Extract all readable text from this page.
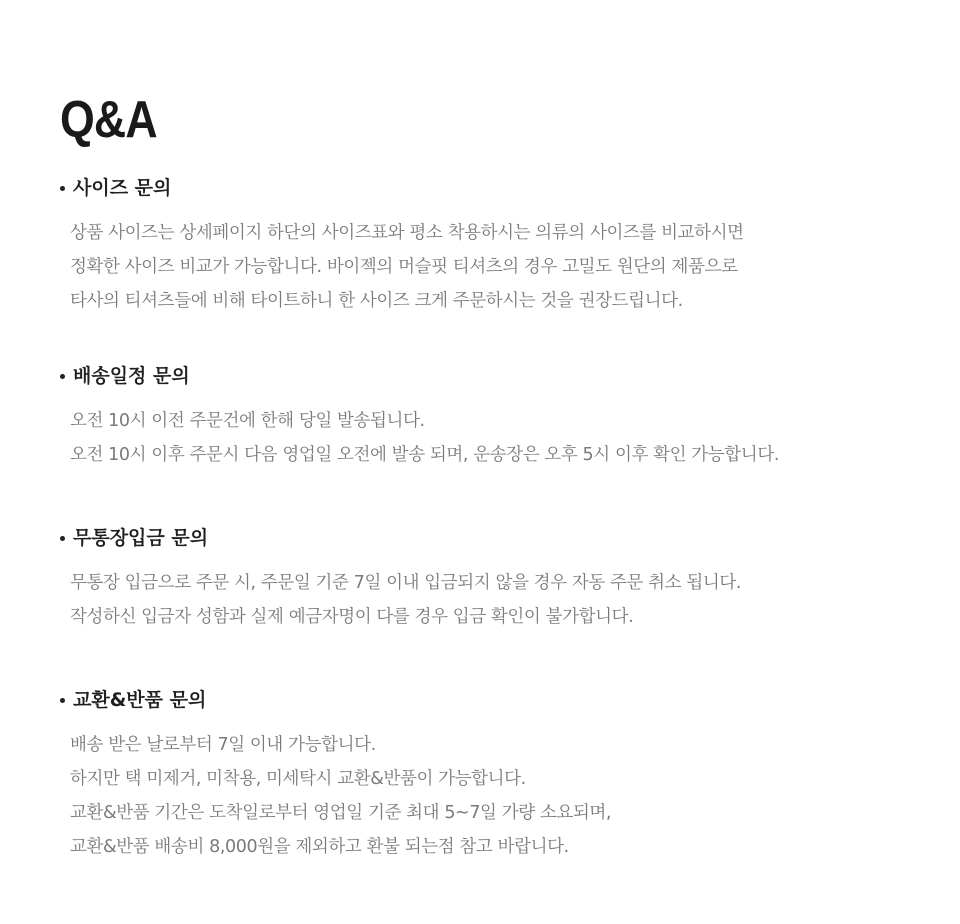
Q&A
사이즈 문의
상품 사이즈는 상세페이지 하단의 사이즈표와 평소 착용하시는 의류의 사이즈를 비교하시면
정확한 사이즈 비교가 가능합니다. 바이젝의 머슬핏 티셔츠의 경우 고밀도 원단의 제품으로
타사의 티셔츠들에 비해 타이트하니 한 사이즈 크게 주문하시는 것을 권장드립니다.
배송일정 문의
오전 10시 이전 주문건에 한해 당일 발송됩니다.
오전 10시 이후 주문시 다음 영업일 오전에 발송 되며, 운송장은 오후 5시 이후 확인 가능합니다.
무통장입금 문의
무통장 입금으로 주문 시, 주문일 기준 7일 이내 입금되지 않을 경우 자동 주문 취소 됩니다.
작성하신 입금자 성함과 실제 예금자명이 다를 경우 입금 확인이 불가합니다.
교환&반품 문의
배송 받은 날로부터 7일 이내 가능합니다.
하지만 택 미제거, 미착용, 미세탁시 교환&반품이 가능합니다.
교환&반품 기간은 도착일로부터 영업일 기준 최대 5~7일 가량 소요되며,
교환&반품 배송비 8,000원을 제외하고 환불 되는점 참고 바랍니다.
